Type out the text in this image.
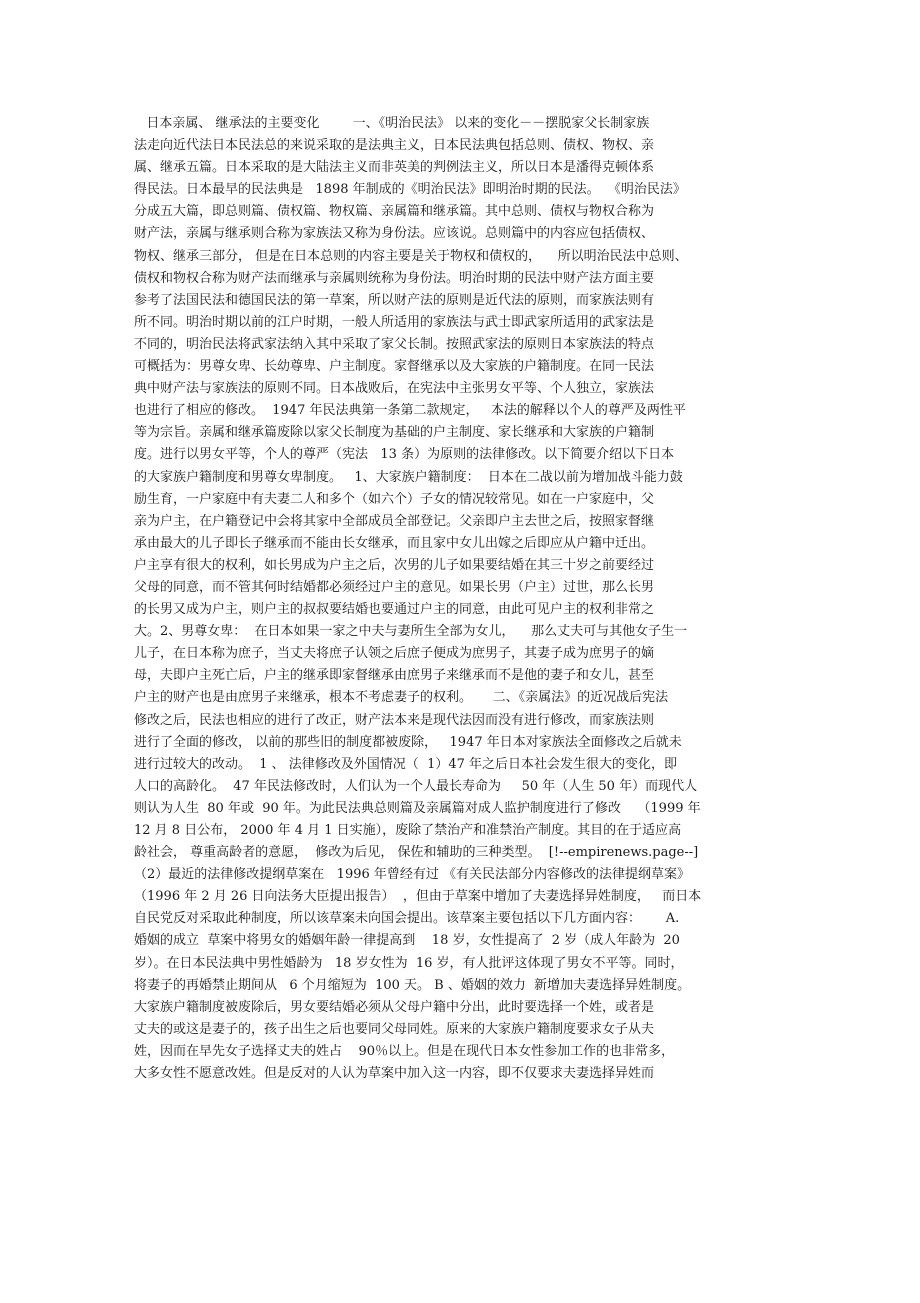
日本亲属、 继承法的主要变化        一、《明治民法》 以来的变化－－摆脱家父长制家族
法走向近代法日本民法总的来说采取的是法典主义，日本民法典包括总则、债权、物权、亲
属、继承五篇。日本采取的是大陆法主义而非英美的判例法主义，所以日本是潘得克顿体系
得民法。日本最早的民法典是   1898 年制成的《明治民法》即明治时期的民法。  《明治民法》
分成五大篇，即总则篇、债权篇、物权篇、亲属篇和继承篇。其中总则、债权与物权合称为
财产法，亲属与继承则合称为家族法又称为身份法。应该说。总则篇中的内容应包括债权、
物权、继承三部分， 但是在日本总则的内容主要是关于物权和债权的，    所以明治民法中总则、
债权和物权合称为财产法而继承与亲属则统称为身份法。明治时期的民法中财产法方面主要
参考了法国民法和德国民法的第一草案，所以财产法的原则是近代法的原则，而家族法则有
所不同。明治时期以前的江户时期，一般人所适用的家族法与武士即武家所适用的武家法是
不同的，明治民法将武家法纳入其中采取了家父长制。按照武家法的原则日本家族法的特点
可概括为：男尊女卑、长幼尊卑、户主制度。家督继承以及大家族的户籍制度。在同一民法
典中财产法与家族法的原则不同。日本战败后，在宪法中主张男女平等、个人独立，家族法
也进行了相应的修改。  1947 年民法典第一条第二款规定，   本法的解释以个人的尊严及两性平
等为宗旨。亲属和继承篇废除以家父长制度为基础的户主制度、家长继承和大家族的户籍制
度。进行以男女平等，个人的尊严（宪法   13 条）为原则的法律修改。以下简要介绍以下日本
的大家族户籍制度和男尊女卑制度。   1、大家族户籍制度：  日本在二战以前为增加战斗能力鼓
励生育，一户家庭中有夫妻二人和多个（如六个）子女的情况较常见。如在一户家庭中，父
亲为户主，在户籍登记中会将其家中全部成员全部登记。父亲即户主去世之后，按照家督继
承由最大的儿子即长子继承而不能由长女继承，而且家中女儿出嫁之后即应从户籍中迁出。
户主享有很大的权利，如长男成为户主之后，次男的儿子如果要结婚在其三十岁之前要经过
父母的同意，而不管其何时结婚都必须经过户主的意见。如果长男（户主）过世，那么长男
的长男又成为户主，则户主的叔叔要结婚也要通过户主的同意，由此可见户主的权利非常之
大。2、男尊女卑：  在日本如果一家之中夫与妻所生全部为女儿，    那么丈夫可与其他女子生一
儿子，在日本称为庶子，当丈夫将庶子认领之后庶子便成为庶男子，其妻子成为庶男子的嫡
母，夫即户主死亡后，户主的继承即家督继承由庶男子来继承而不是他的妻子和女儿，甚至
户主的财产也是由庶男子来继承，根本不考虑妻子的权利。     二、《亲属法》的近况战后宪法
修改之后，民法也相应的进行了改正，财产法本来是现代法因而没有进行修改，而家族法则
进行了全面的修改， 以前的那些旧的制度都被废除，   1947 年日本对家族法全面修改之后就未
进行过较大的改动。  1 、 法律修改及外国情况（  1）47 年之后日本社会发生很大的变化，即
人口的高龄化。  47 年民法修改时，人们认为一个人最长寿命为     50 年（人生 50 年）而现代人
则认为人生  80 年或  90 年。为此民法典总则篇及亲属篇对成人监护制度进行了修改    （1999 年
12 月 8 日公布， 2000 年 4 月 1 日实施），废除了禁治产和准禁治产制度。其目的在于适应高
龄社会， 尊重高龄者的意愿，  修改为后见， 保佐和辅助的三种类型。  [!--empirenews.page--]
（2）最近的法律修改提纲草案在   1996 年曾经有过 《有关民法部分内容修改的法律提纲草案》
（1996 年 2 月 26 日向法务大臣提出报告）  ，但由于草案中增加了夫妻选择异姓制度，   而日本
自民党反对采取此种制度，所以该草案未向国会提出。该草案主要包括以下几方面内容：      A.
婚姻的成立  草案中将男女的婚姻年龄一律提高到    18 岁，女性提高了  2 岁（成人年龄为  20
岁）。在日本民法典中男性婚龄为   18 岁女性为  16 岁，有人批评这体现了男女不平等。同时，
将妻子的再婚禁止期间从   6 个月缩短为  100 天。 B 、婚姻的效力  新增加夫妻选择异姓制度。
大家族户籍制度被废除后，男女要结婚必须从父母户籍中分出，此时要选择一个姓，或者是
丈夫的或这是妻子的，孩子出生之后也要同父母同姓。原来的大家族户籍制度要求女子从夫
姓，因而在早先女子选择丈夫的姓占    90％以上。但是在现代日本女性参加工作的也非常多，
大多女性不愿意改姓。但是反对的人认为草案中加入这一内容，即不仅要求夫妻选择异姓而
